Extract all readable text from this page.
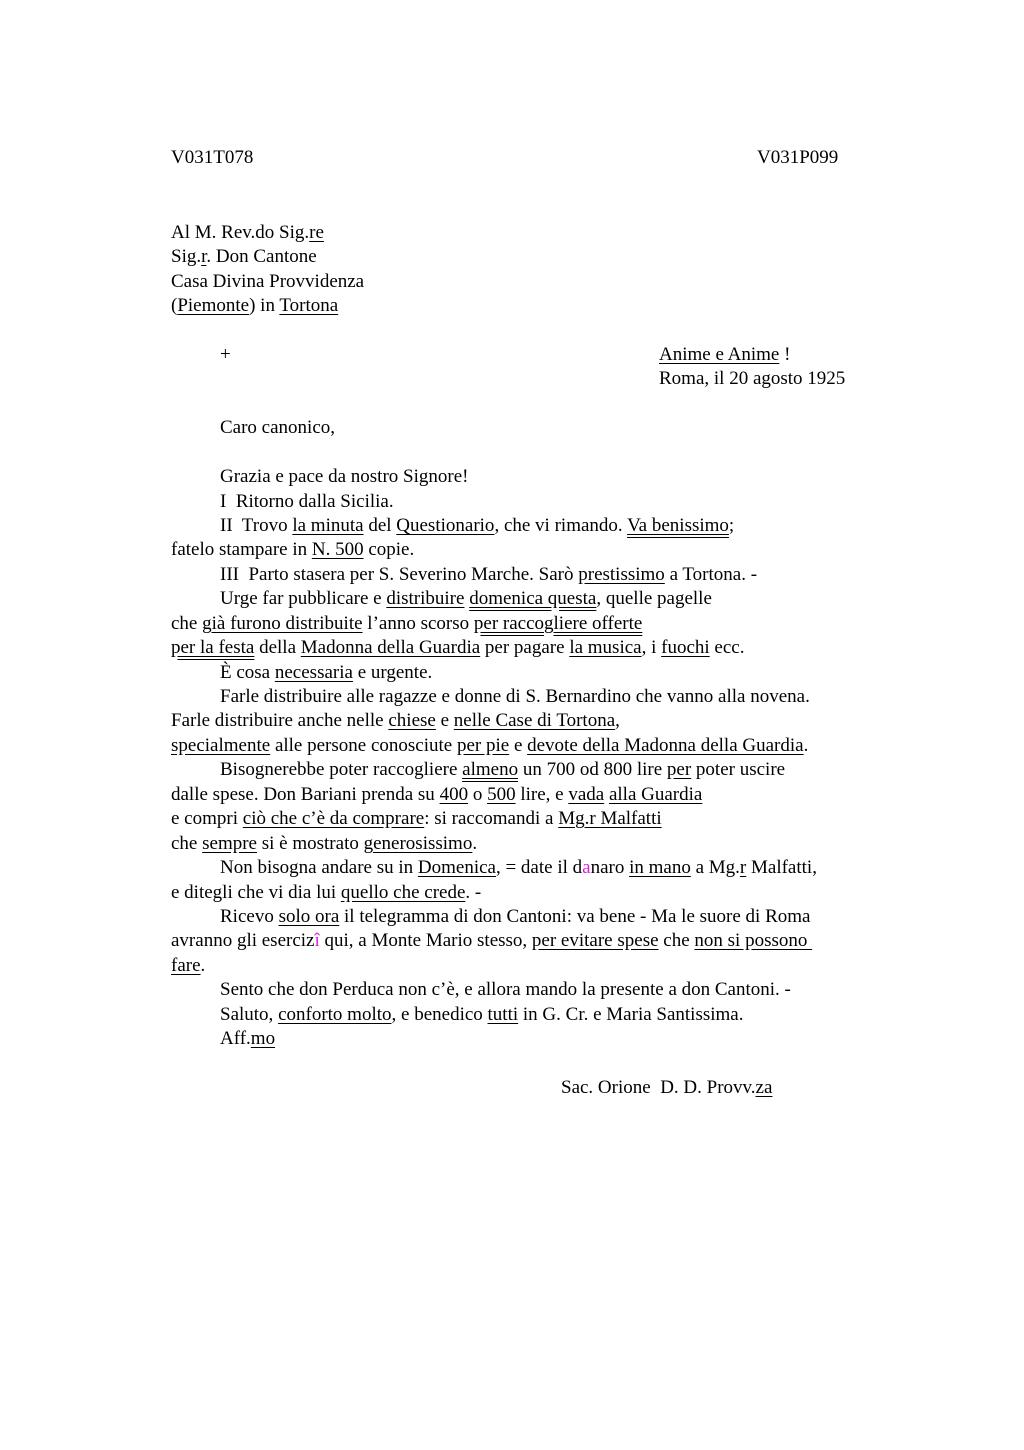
V031T078	V031P099
Al M. Rev.do Sig.re
Sig.r. Don Cantone
Casa Divina Provvidenza
(Piemonte) in Tortona
+	Anime e Anime !
Roma, il 20 agosto 1925
Caro canonico,
Grazia e pace da nostro Signore!
I  Ritorno dalla Sicilia.
II  Trovo la minuta del Questionario, che vi rimando. Va benissimo;
fatelo stampare in N. 500 copie.
III  Parto stasera per S. Severino Marche. Sarò prestissimo a Tortona. -
Urge far pubblicare e distribuire domenica questa, quelle pagelle
che già furono distribuite l’anno scorso per raccogliere offerte
per la festa della Madonna della Guardia per pagare la musica, i fuochi ecc.
È cosa necessaria e urgente.
Farle distribuire alle ragazze e donne di S. Bernardino che vanno alla novena.
Farle distribuire anche nelle chiese e nelle Case di Tortona,
specialmente alle persone conosciute per pie e devote della Madonna della Guardia.
Bisognerebbe poter raccogliere almeno un 700 od 800 lire per poter uscire
dalle spese. Don Bariani prenda su 400 o 500 lire, e vada alla Guardia
e compri ciò che c’è da comprare: si raccomandi a Mg.r Malfatti
che sempre si è mostrato generosissimo.
Non bisogna andare su in Domenica, = date il danaro in mano a Mg.r Malfatti,
e ditegli che vi dia lui quello che crede. -
Ricevo solo ora il telegramma di don Cantoni: va bene - Ma le suore di Roma
avranno gli esercizî qui, a Monte Mario stesso, per evitare spese che non si possono
fare.
Sento che don Perduca non c’è, e allora mando la presente a don Cantoni. -
Saluto, conforto molto, e benedico tutti in G. Cr. e Maria Santissima.
Aff.mo
Sac. Orione  D. D. Provv.za
